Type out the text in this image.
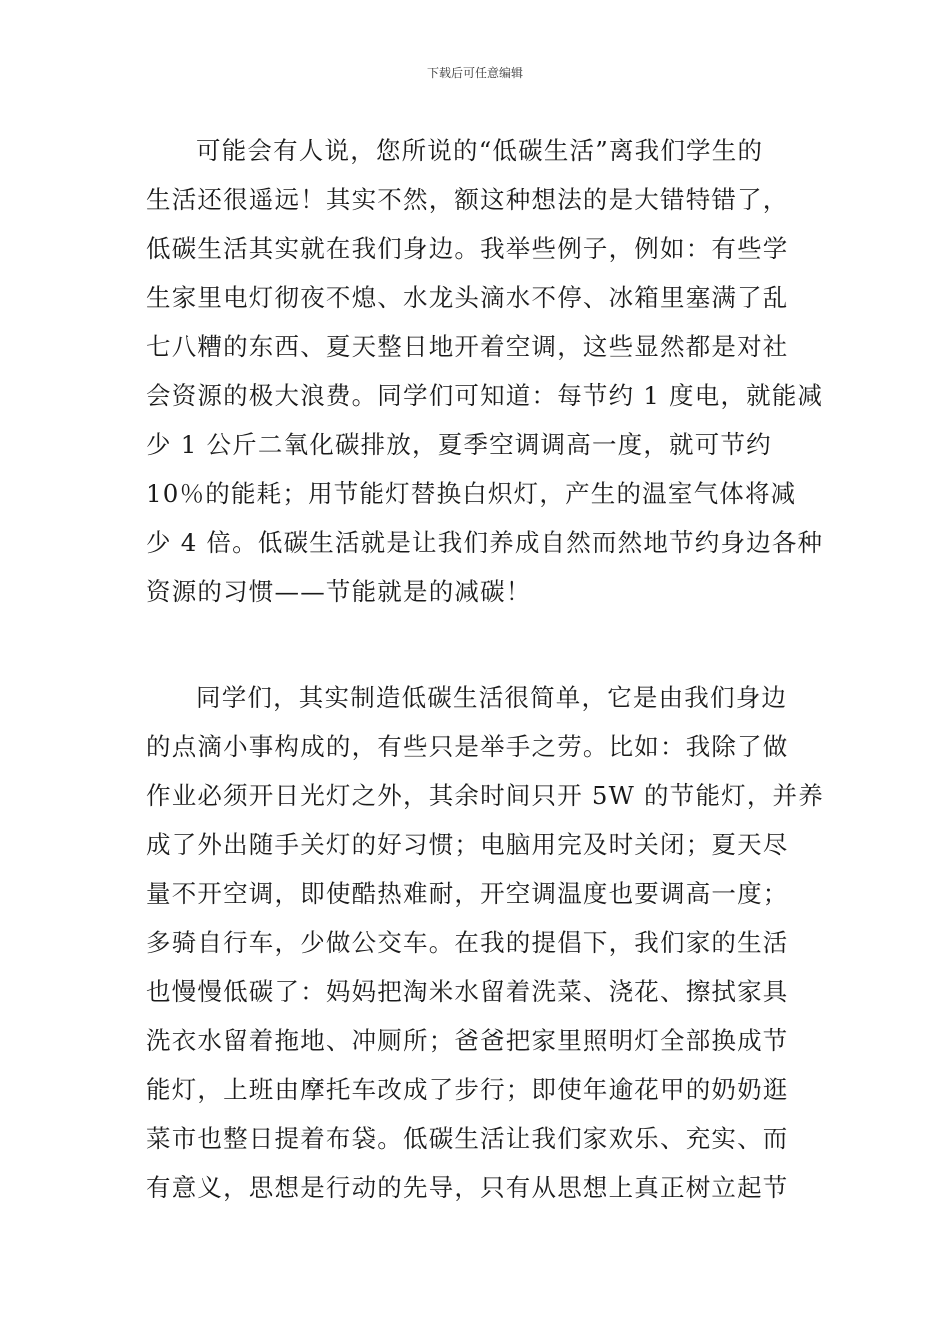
下载后可任意编辑
可能会有人说，您所说的“低碳生活”离我们学生的
生活还很遥远！其实不然，额这种想法的是大错特错了，
低碳生活其实就在我们身边。我举些例子，例如：有些学
生家里电灯彻夜不熄、水龙头滴水不停、冰箱里塞满了乱
七八糟的东西、夏天整日地开着空调，这些显然都是对社
会资源的极大浪费。同学们可知道：每节约 1 度电，就能减
少 1 公斤二氧化碳排放，夏季空调调高一度，就可节约
10％的能耗；用节能灯替换白炽灯，产生的温室气体将减
少 4 倍。低碳生活就是让我们养成自然而然地节约身边各种
资源的习惯——节能就是的减碳！
同学们，其实制造低碳生活很简单，它是由我们身边
的点滴小事构成的，有些只是举手之劳。比如：我除了做
作业必须开日光灯之外，其余时间只开 5W 的节能灯，并养
成了外出随手关灯的好习惯；电脑用完及时关闭；夏天尽
量不开空调，即使酷热难耐，开空调温度也要调高一度；
多骑自行车，少做公交车。在我的提倡下，我们家的生活
也慢慢低碳了：妈妈把淘米水留着洗菜、浇花、擦拭家具
洗衣水留着拖地、冲厕所；爸爸把家里照明灯全部换成节
能灯，上班由摩托车改成了步行；即使年逾花甲的奶奶逛
菜市也整日提着布袋。低碳生活让我们家欢乐、充实、而
有意义，思想是行动的先导，只有从思想上真正树立起节
